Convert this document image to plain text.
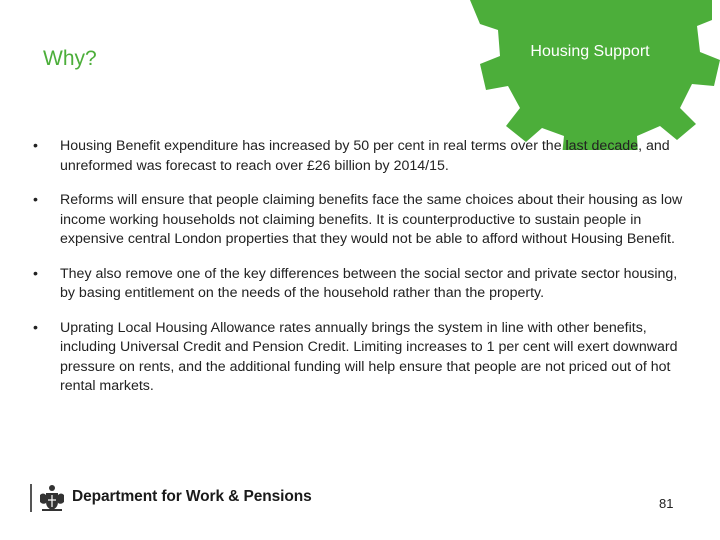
Why?	Housing Support
• Housing Benefit expenditure has increased by 50 per cent in real terms over the last decade, and unreformed was forecast to reach over £26 billion by 2014/15.
• Reforms will ensure that people claiming benefits face the same choices about their housing as low income working households not claiming benefits. It is counterproductive to sustain people in expensive central London properties that they would not be able to afford without Housing Benefit.
• They also remove one of the key differences between the social sector and private sector housing, by basing entitlement on the needs of the household rather than the property.
• Uprating Local Housing Allowance rates annually brings the system in line with other benefits, including Universal Credit and Pension Credit. Limiting increases to 1 per cent will exert downward pressure on rents, and the additional funding will help ensure that people are not priced out of hot rental markets.
Department for Work & Pensions	81
